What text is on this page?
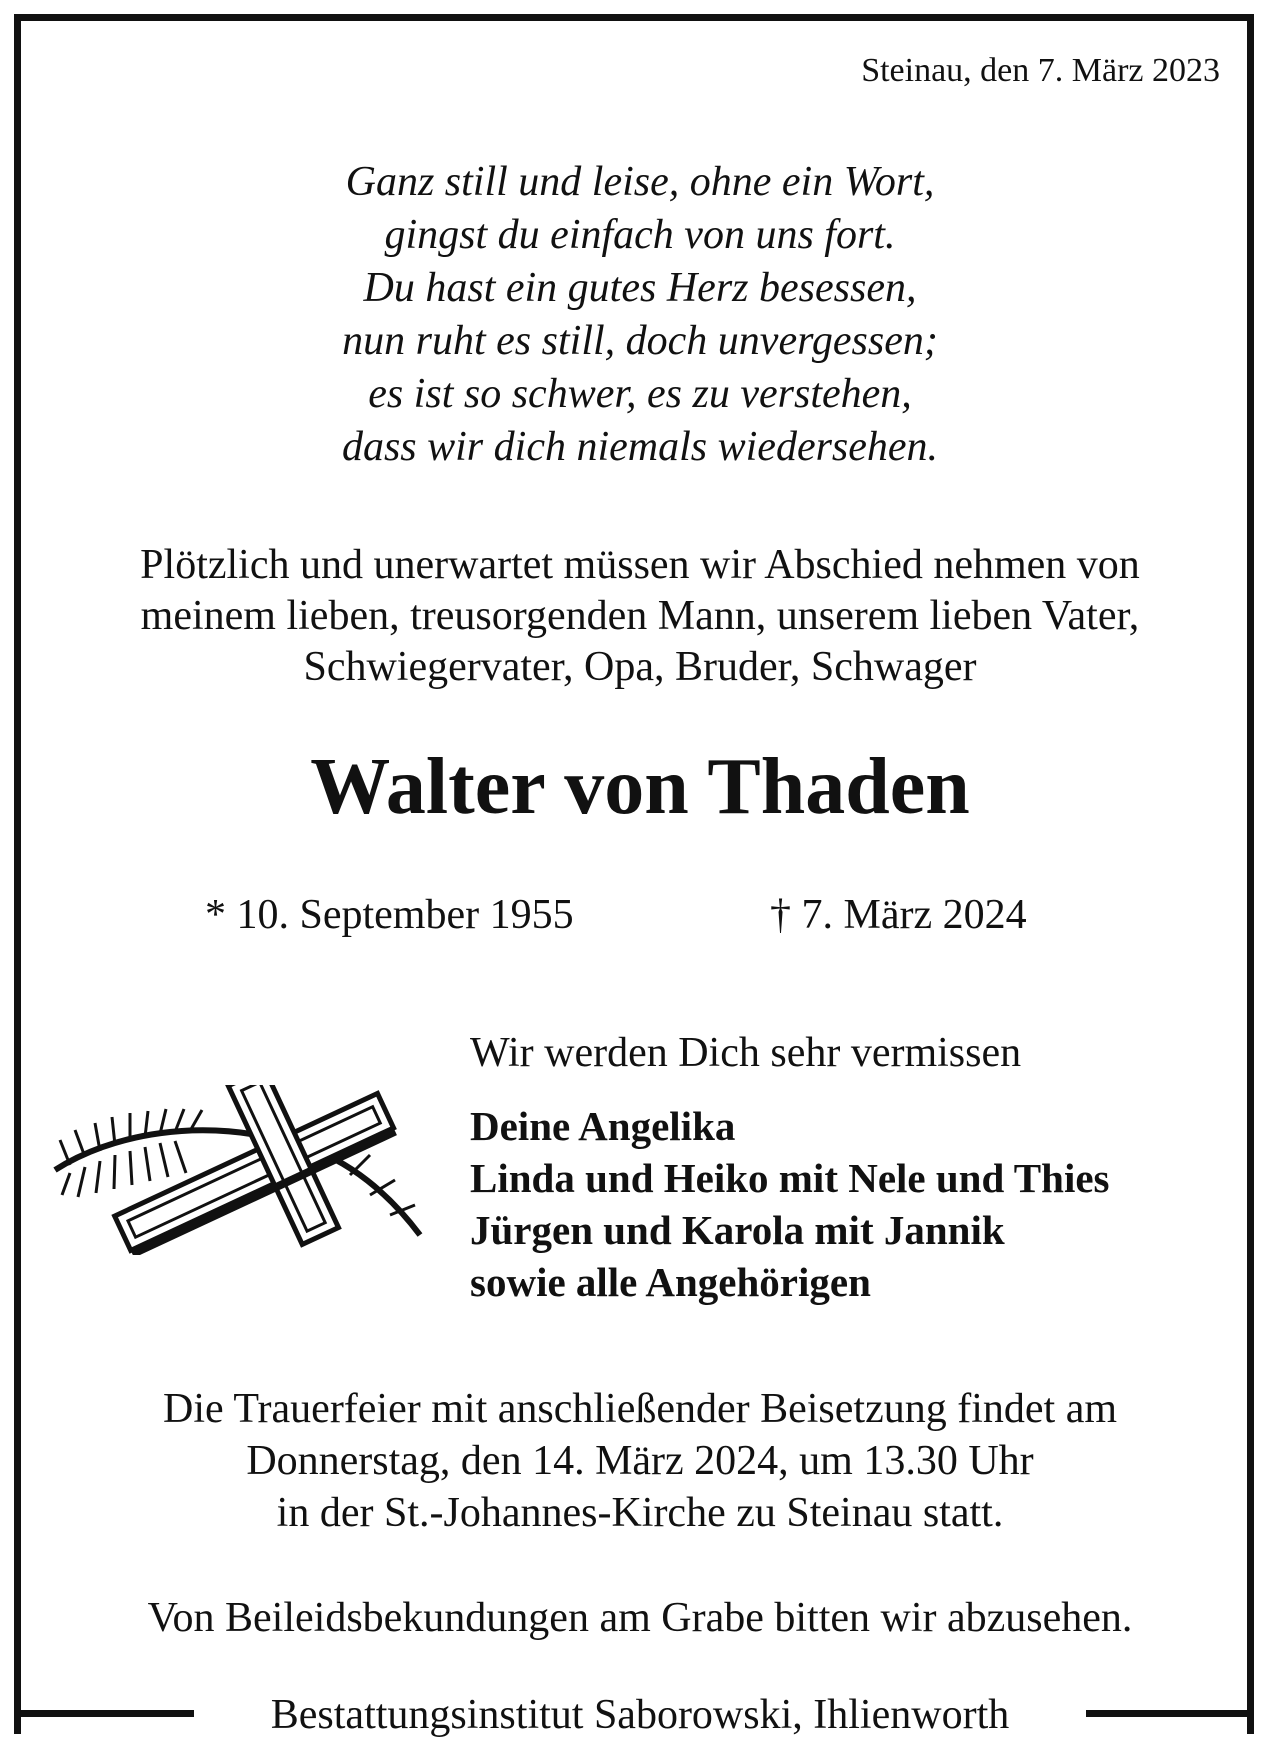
Steinau, den 7. März 2023
Ganz still und leise, ohne ein Wort,
gingst du einfach von uns fort.
Du hast ein gutes Herz besessen,
nun ruht es still, doch unvergessen;
es ist so schwer, es zu verstehen,
dass wir dich niemals wiedersehen.
Plötzlich und unerwartet müssen wir Abschied nehmen von
meinem lieben, treusorgenden Mann, unserem lieben Vater,
Schwiegervater, Opa, Bruder, Schwager
Walter von Thaden
* 10. September 1955	† 7. März 2024
Wir werden Dich sehr vermissen
Deine Angelika
Linda und Heiko mit Nele und Thies
Jürgen und Karola mit Jannik
sowie alle Angehörigen
Die Trauerfeier mit anschließender Beisetzung findet am
Donnerstag, den 14. März 2024, um 13.30 Uhr
in der St.-Johannes-Kirche zu Steinau statt.
Von Beileidsbekundungen am Grabe bitten wir abzusehen.
Bestattungsinstitut Saborowski, Ihlienworth
